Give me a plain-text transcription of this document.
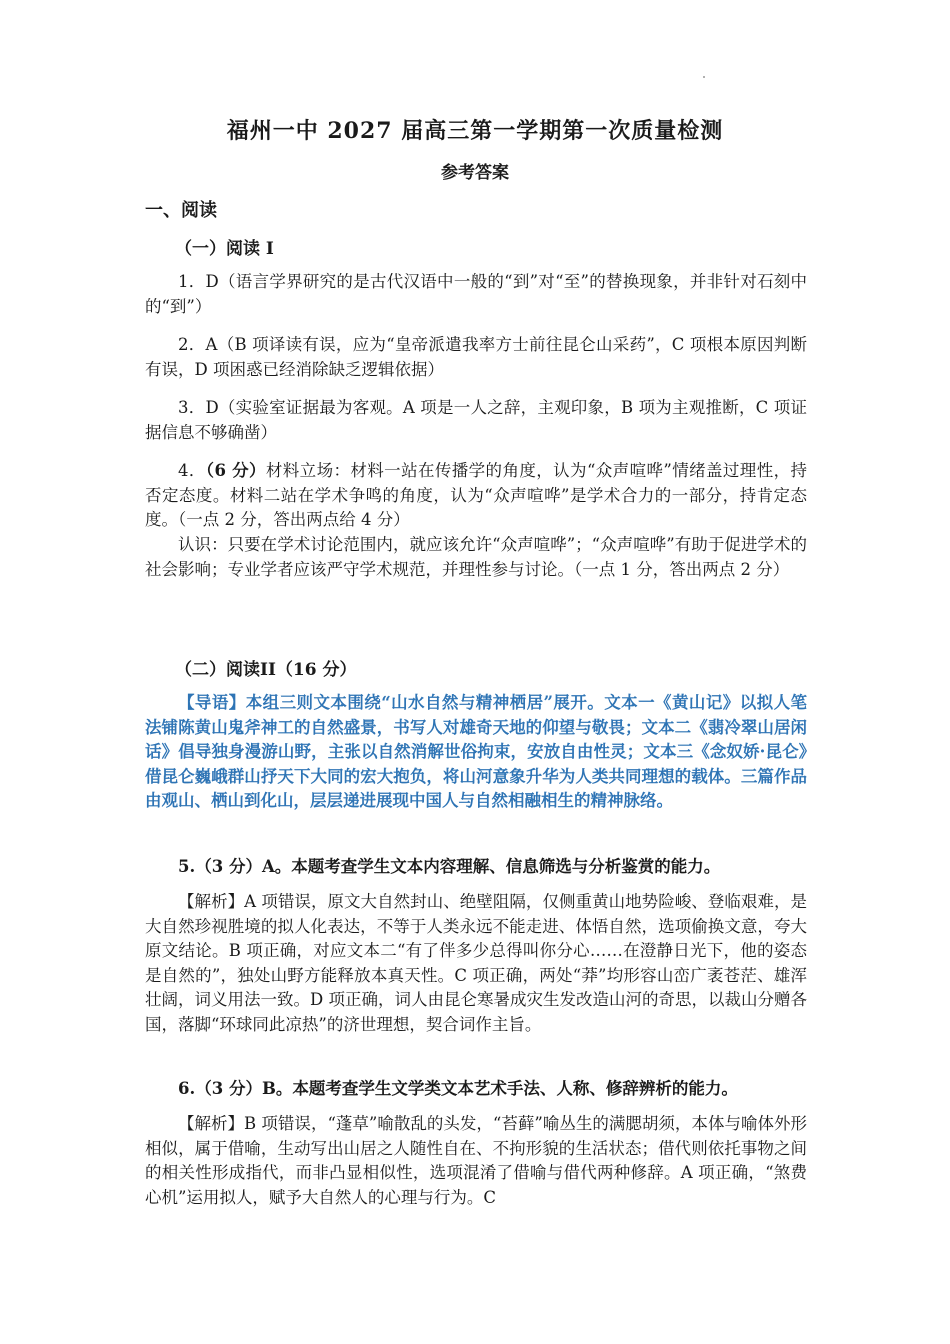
福州一中 2027 届高三第一学期第一次质量检测
参考答案
一、阅读
（一）阅读 I

1．D（语言学界研究的是古代汉语中一般的“到”对“至”的替换现象，并非针对石刻中的“到”）

2．A（B 项译读有误，应为“皇帝派遣我率方士前往昆仑山采药”，C 项根本原因判断有误，D 项困惑已经消除缺乏逻辑依据）

3．D（实验室证据最为客观。A 项是一人之辞，主观印象，B 项为主观推断，C 项证据信息不够确凿）

4．（6 分）材料立场：材料一站在传播学的角度，认为“众声喧哗”情绪盖过理性，持否定态度。材料二站在学术争鸣的角度，认为“众声喧哗”是学术合力的一部分，持肯定态度。（一点 2 分，答出两点给 4 分）

认识：只要在学术讨论范围内，就应该允许“众声喧哗”；“众声喧哗”有助于促进学术的社会影响；专业学者应该严守学术规范，并理性参与讨论。（一点 1 分，答出两点 2 分）

（二）阅读II（16 分）

【导语】本组三则文本围绕“山水自然与精神栖居”展开。文本一《黄山记》以拟人笔法铺陈黄山鬼斧神工的自然盛景，书写人对雄奇天地的仰望与敬畏；文本二《翡冷翠山居闲话》倡导独身漫游山野，主张以自然消解世俗拘束，安放自由性灵；文本三《念奴娇·昆仑》借昆仑巍峨群山抒天下大同的宏大抱负，将山河意象升华为人类共同理想的载体。三篇作品由观山、栖山到化山，层层递进展现中国人与自然相融相生的精神脉络。

5.（3 分）A。本题考查学生文本内容理解、信息筛选与分析鉴赏的能力。

【解析】A 项错误，原文大自然封山、绝壁阻隔，仅侧重黄山地势险峻、登临艰难，是大自然珍视胜境的拟人化表达，不等于人类永远不能走进、体悟自然，选项偷换文意，夸大原文结论。B 项正确，对应文本二“有了伴多少总得叫你分心……在澄静日光下，他的姿态是自然的”，独处山野方能释放本真天性。C 项正确，两处“莽”均形容山峦广袤苍茫、雄浑壮阔，词义用法一致。D 项正确，词人由昆仑寒暑成灾生发改造山河的奇思，以裁山分赠各国，落脚“环球同此凉热”的济世理想，契合词作主旨。

6.（3 分）B。本题考查学生文学类文本艺术手法、人称、修辞辨析的能力。

【解析】B 项错误，“蓬草”喻散乱的头发，“苔藓”喻丛生的满腮胡须，本体与喻体外形相似，属于借喻，生动写出山居之人随性自在、不拘形貌的生活状态；借代则依托事物之间的相关性形成指代，而非凸显相似性，选项混淆了借喻与借代两种修辞。A 项正确，“煞费心机”运用拟人，赋予大自然人的心理与行为。C
